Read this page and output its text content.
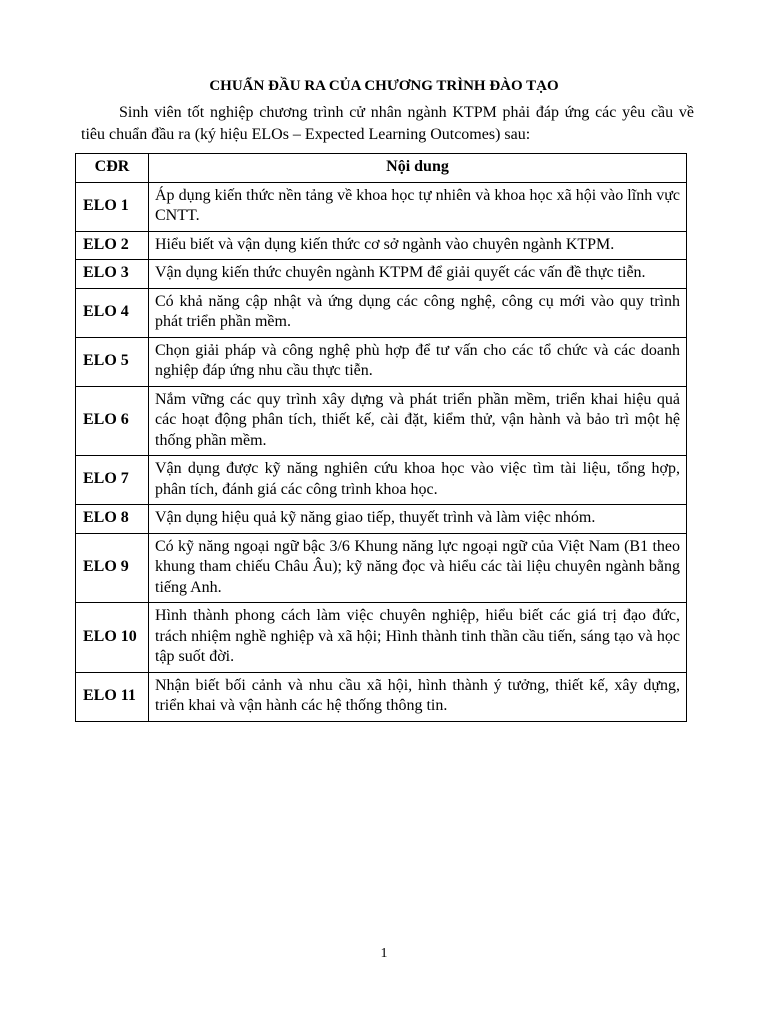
CHUẨN ĐẦU RA CỦA CHƯƠNG TRÌNH ĐÀO TẠO
Sinh viên tốt nghiệp chương trình cử nhân ngành KTPM phải đáp ứng các yêu cầu về tiêu chuẩn đầu ra (ký hiệu ELOs – Expected Learning Outcomes) sau:
CĐR	Nội dung
ELO 1	Áp dụng kiến thức nền tảng về khoa học tự nhiên và khoa học xã hội vào lĩnh vực CNTT.
ELO 2	Hiểu biết và vận dụng kiến thức cơ sở ngành vào chuyên ngành KTPM.
ELO 3	Vận dụng kiến thức chuyên ngành KTPM để giải quyết các vấn đề thực tiễn.
ELO 4	Có khả năng cập nhật và ứng dụng các công nghệ, công cụ mới vào quy trình phát triển phần mềm.
ELO 5	Chọn giải pháp và công nghệ phù hợp để tư vấn cho các tổ chức và các doanh nghiệp đáp ứng nhu cầu thực tiễn.
ELO 6	Nắm vững các quy trình xây dựng và phát triển phần mềm, triển khai hiệu quả các hoạt động phân tích, thiết kế, cài đặt, kiểm thử, vận hành và bảo trì một hệ thống phần mềm.
ELO 7	Vận dụng được kỹ năng nghiên cứu khoa học vào việc tìm tài liệu, tổng hợp, phân tích, đánh giá các công trình khoa học.
ELO 8	Vận dụng hiệu quả kỹ năng giao tiếp, thuyết trình và làm việc nhóm.
ELO 9	Có kỹ năng ngoại ngữ bậc 3/6 Khung năng lực ngoại ngữ của Việt Nam (B1 theo khung tham chiếu Châu Âu); kỹ năng đọc và hiểu các tài liệu chuyên ngành bằng tiếng Anh.
ELO 10	Hình thành phong cách làm việc chuyên nghiệp, hiểu biết các giá trị đạo đức, trách nhiệm nghề nghiệp và xã hội; Hình thành tinh thần cầu tiến, sáng tạo và học tập suốt đời.
ELO 11	Nhận biết bối cảnh và nhu cầu xã hội, hình thành ý tưởng, thiết kế, xây dựng, triển khai và vận hành các hệ thống thông tin.
1
